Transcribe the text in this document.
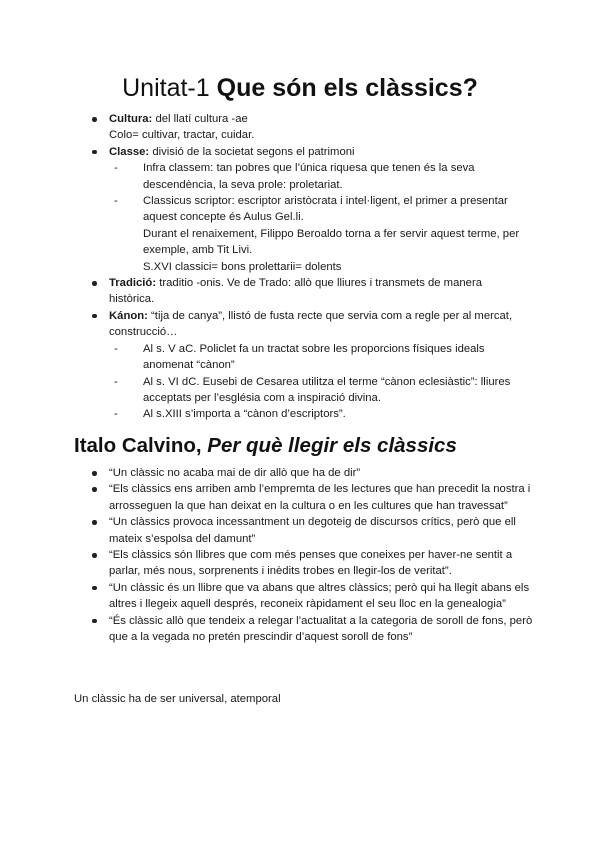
Unitat-1 Que són els clàssics?
Cultura: del llatí cultura -ae
Colo= cultivar, tractar, cuidar.
Classe: divisió de la societat segons el patrimoni
- Infra classem: tan pobres que l’única riquesa que tenen és la seva descendència, la seva prole: proletariat.
- Classicus scriptor: escriptor aristòcrata i intel·ligent, el primer a presentar aquest concepte és Aulus Gel.li.
Durant el renaixement, Filippo Beroaldo torna a fer servir aquest terme, per exemple, amb Tit Livi.
S.XVI classici= bons prolettarii= dolents
Tradició: traditio -onis. Ve de Trado: allò que lliures i transmets de manera històrica.
Kánon: “tija de canya”, llistó de fusta recte que servia com a regle per al mercat, construcció…
- Al s. V aC. Policlet fa un tractat sobre les proporcions físiques ideals anomenat “cànon”
- Al s. VI dC. Eusebi de Cesarea utilitza el terme “cànon eclesiàstic”: lliures acceptats per l’església com a inspiració divina.
- Al s.XIII s’importa a “cànon d’escriptors”.
Italo Calvino, Per què llegir els clàssics
“Un clàssic no acaba mai de dir allò que ha de dir”
“Els clàssics ens arriben amb l’empremta de les lectures que han precedit la nostra i arrosseguen la que han deixat en la cultura o en les cultures que han travessat”
“Un clàssics provoca incessantment un degoteig de discursos crítics, però que ell mateix s’espolsa del damunt”
“Els clàssics són llibres que com més penses que coneixes per haver-ne sentit a parlar, més nous, sorprenents i inèdits trobes en llegir-los de veritat”.
“Un clàssic és un llibre que va abans que altres clàssics; però qui ha llegit abans els altres i llegeix aquell després, reconeix ràpidament el seu lloc en la genealogia”
“És clàssic allò que tendeix a relegar l’actualitat a la categoria de soroll de fons, però que a la vegada no pretén prescindir d’aquest soroll de fons”
Un clàssic ha de ser universal, atemporal
